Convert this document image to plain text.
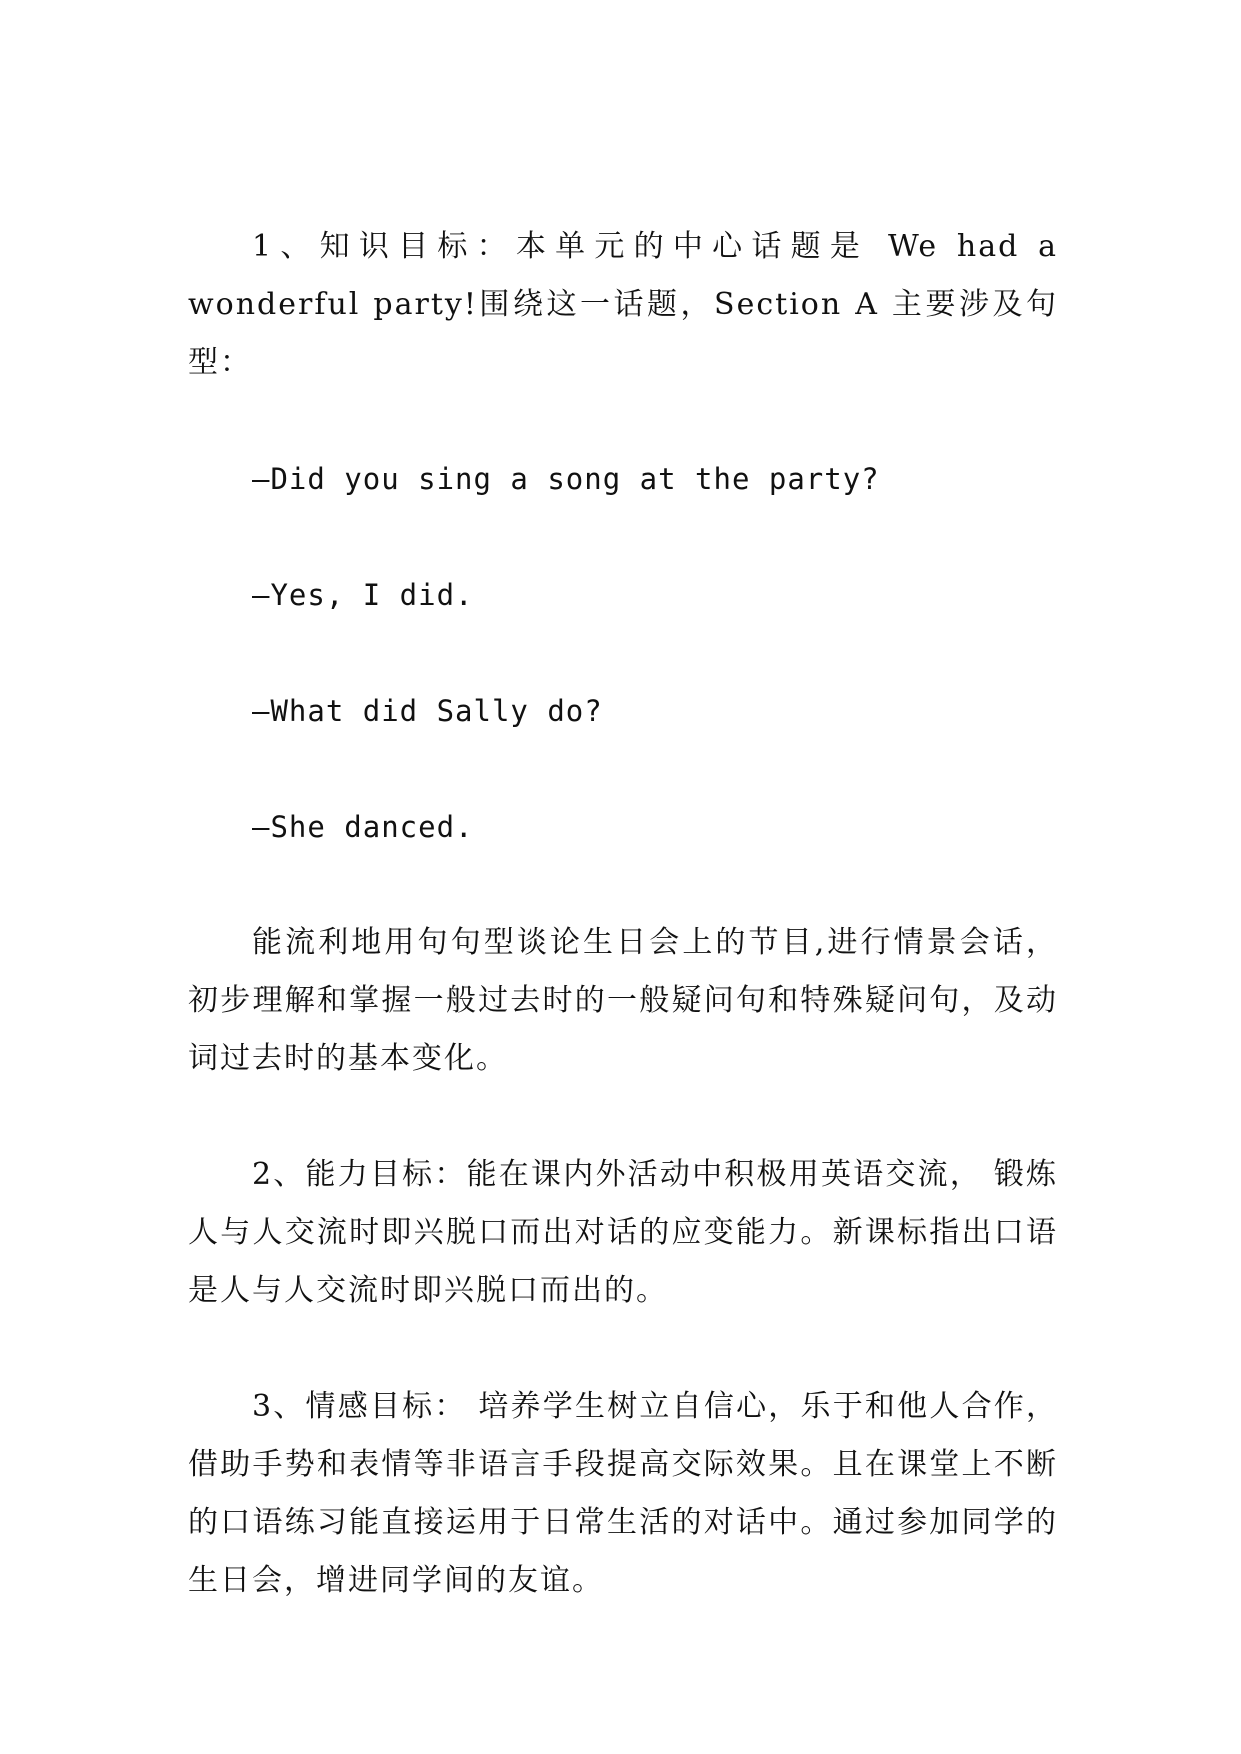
1、知识目标：本单元的中心话题是 We had a wonderful party!围绕这一话题，Section A 主要涉及句型：

—Did you sing a song at the party?

—Yes, I did.

—What did Sally do?

—She danced.

能流利地用句句型谈论生日会上的节目,进行情景会话，初步理解和掌握一般过去时的一般疑问句和特殊疑问句，及动词过去时的基本变化。

2、能力目标：能在课内外活动中积极用英语交流， 锻炼人与人交流时即兴脱口而出对话的应变能力。新课标指出口语是人与人交流时即兴脱口而出的。

3、情感目标： 培养学生树立自信心，乐于和他人合作，借助手势和表情等非语言手段提高交际效果。且在课堂上不断的口语练习能直接运用于日常生活的对话中。通过参加同学的生日会，增进同学间的友谊。
